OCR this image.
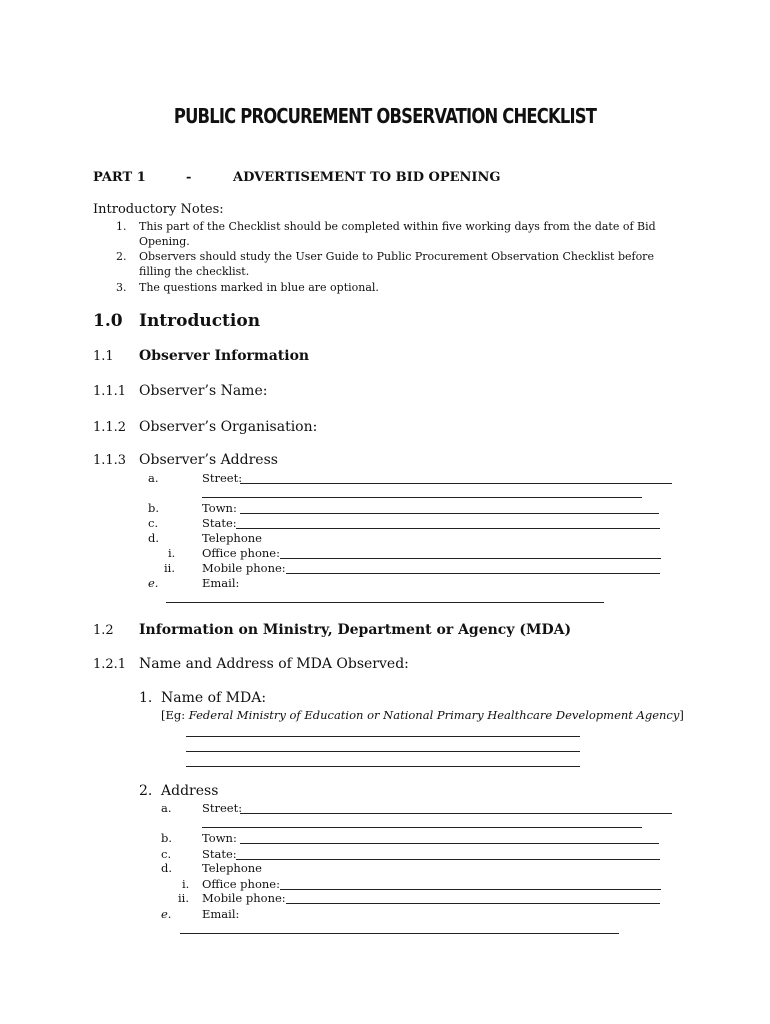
PUBLIC PROCUREMENT OBSERVATION CHECKLIST
PART 1	-	ADVERTISEMENT TO BID OPENING
Introductory Notes:
1. This part of the Checklist should be completed within five working days from the date of Bid
Opening.
2. Observers should study the User Guide to Public Procurement Observation Checklist before
filling the checklist.
3. The questions marked in blue are optional.
1.0 Introduction
1.1 Observer Information
1.1.1 Observer’s Name:
1.1.2 Observer’s Organisation:
1.1.3 Observer’s Address
a.	Street:
b.	Town:
c.	State:
d.	Telephone
i. Office phone:
ii. Mobile phone:
e.	Email:
1.2 Information on Ministry, Department or Agency (MDA)
1.2.1 Name and Address of MDA Observed:
1. Name of MDA:
[Eg: Federal Ministry of Education or National Primary Healthcare Development Agency]
2. Address
a.	Street:
b.	Town:
c.	State:
d.	Telephone
i. Office phone:
ii. Mobile phone:
e.	Email:
